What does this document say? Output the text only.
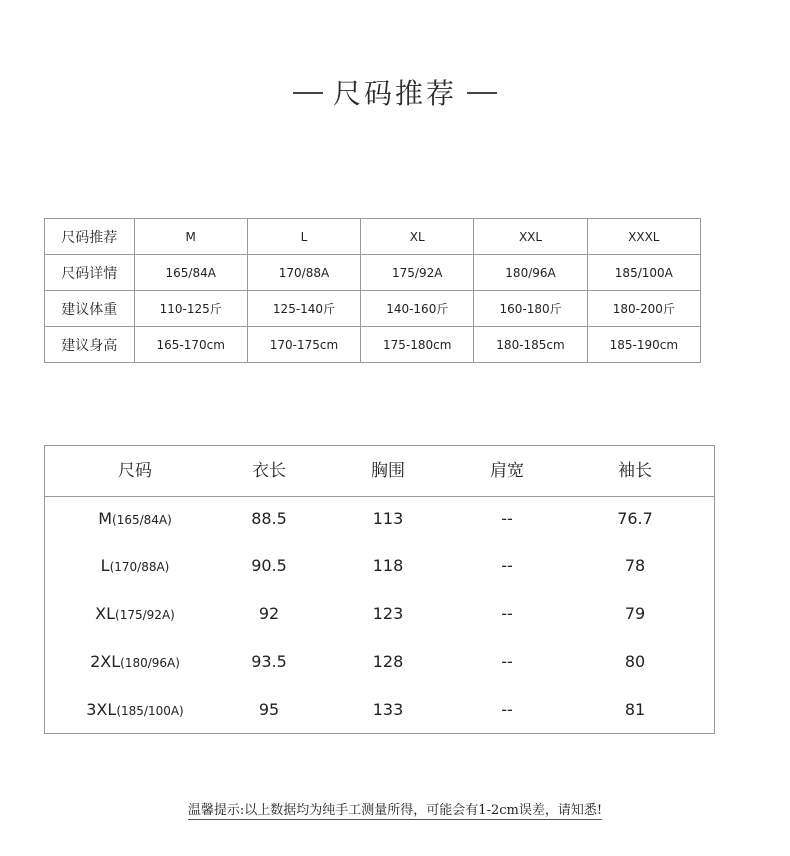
尺码推荐
尺码推荐	M	L	XL	XXL	XXXL
尺码详情	165/84A	170/88A	175/92A	180/96A	185/100A
建议体重	110-125斤	125-140斤	140-160斤	160-180斤	180-200斤
建议身高	165-170cm	170-175cm	175-180cm	180-185cm	185-190cm
尺码	衣长	胸围	肩宽	袖长
M(165/84A)	88.5	113	--	76.7
L(170/88A)	90.5	118	--	78
XL(175/92A)	92	123	--	79
2XL(180/96A)	93.5	128	--	80
3XL(185/100A)	95	133	--	81
温馨提示:以上数据均为纯手工测量所得，可能会有1-2cm误差，请知悉!
